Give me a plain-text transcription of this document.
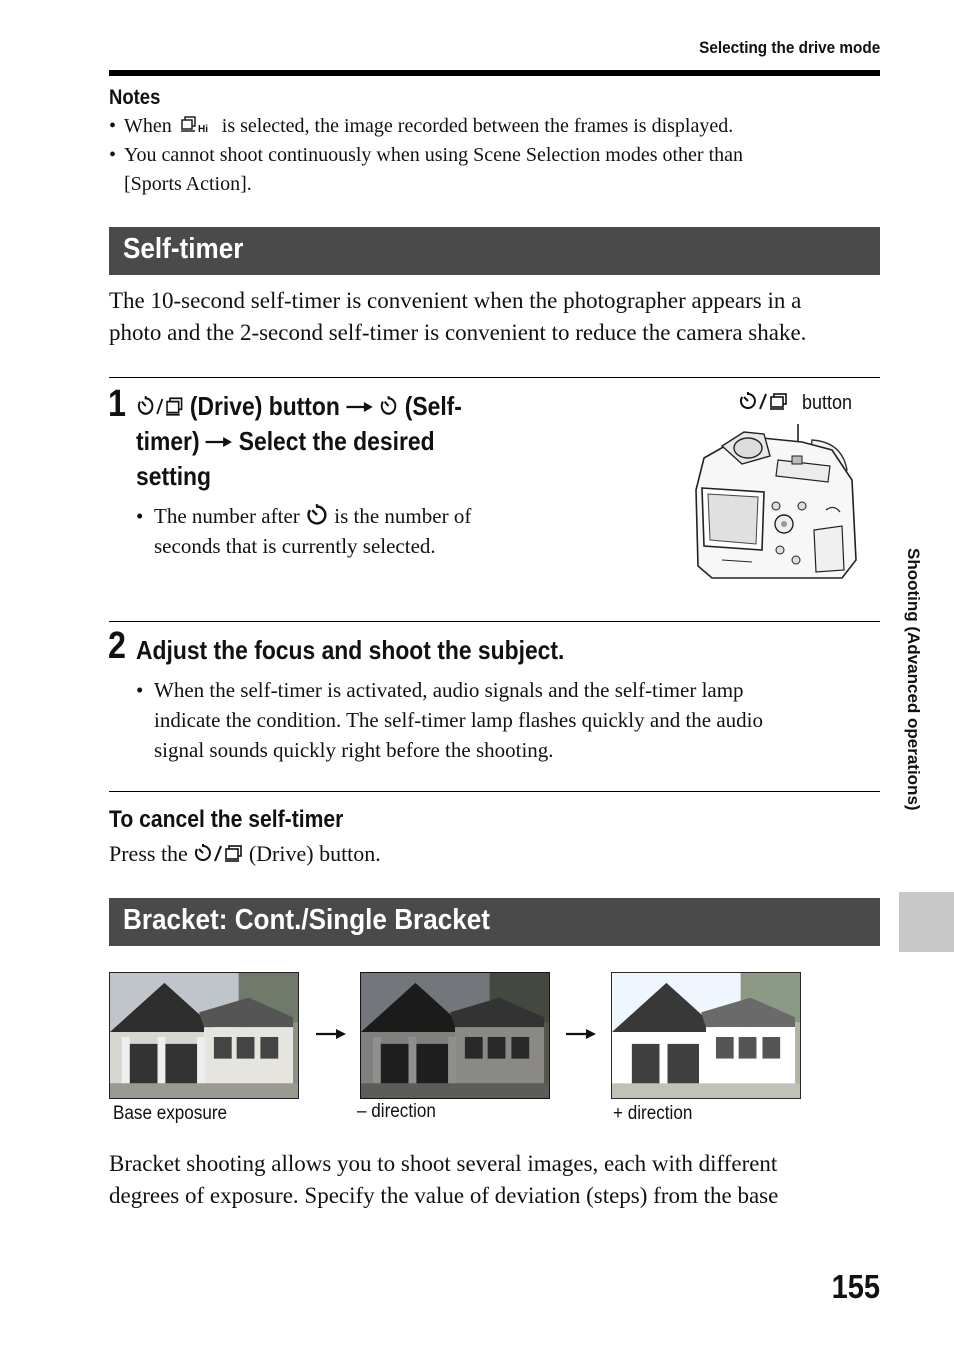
Selecting the drive mode
Notes
• When	Hi is selected, the image recorded between the frames is displayed.
• You cannot shoot continuously when using Scene Selection modes other than
[Sports Action].
Self-timer
The 10-second self-timer is convenient when the photographer appears in a
photo and the 2-second self-timer is convenient to reduce the camera shake.
1	(Drive) button (Self-
timer) Select the desired
setting
• The number after is the number of
seconds that is currently selected.
button
2 Adjust the focus and shoot the subject.
• When the self-timer is activated, audio signals and the self-timer lamp
indicate the condition. The self-timer lamp flashes quickly and the audio
signal sounds quickly right before the shooting.
To cancel the self-timer
Press the	(Drive) button.
Bracket: Cont./Single Bracket
Base exposure	– direction	+ direction
Bracket shooting allows you to shoot several images, each with different
degrees of exposure. Specify the value of deviation (steps) from the base
Shooting (Advanced operations)
155
